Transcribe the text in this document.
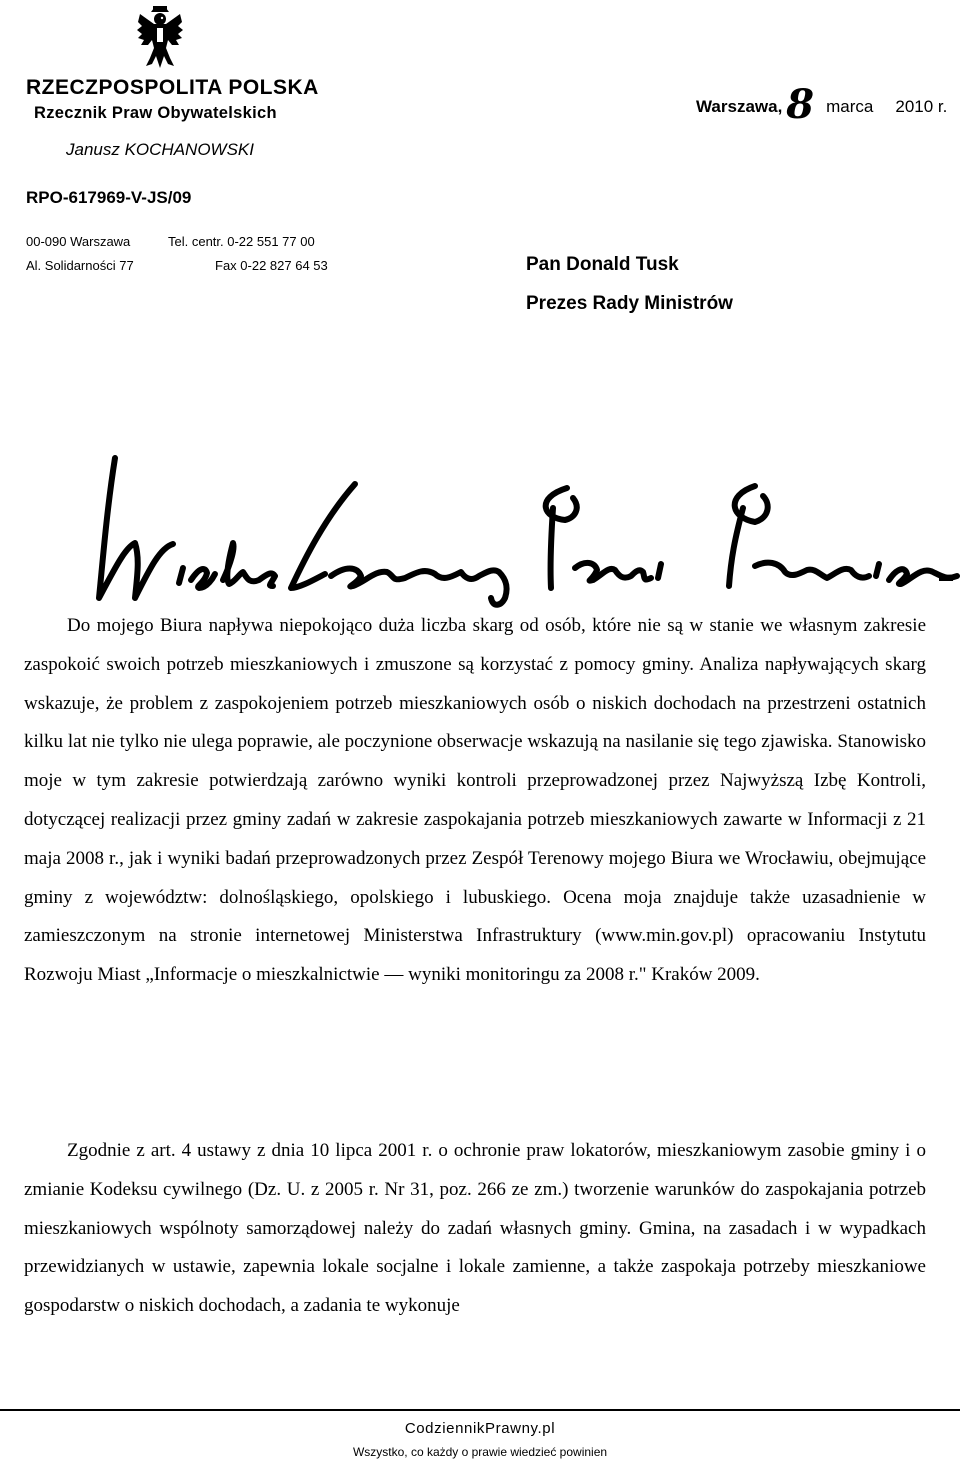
RZECZPOSPOLITA POLSKA
Rzecznik Praw Obywatelskich
Janusz KOCHANOWSKI
RPO-617969-V-JS/09
00-090 Warszawa	Tel. centr. 0-22 551 77 00
Al. Solidarności 77	Fax 0-22 827 64 53
Warszawa, 8 marca 2010 r.
Pan Donald Tusk
Prezes Rady Ministrów
Do mojego Biura napływa niepokojąco duża liczba skarg od osób, które nie są w stanie we własnym zakresie zaspokoić swoich potrzeb mieszkaniowych i zmuszone są korzystać z pomocy gminy. Analiza napływających skarg wskazuje, że problem z zaspokojeniem potrzeb mieszkaniowych osób o niskich dochodach na przestrzeni ostatnich kilku lat nie tylko nie ulega poprawie, ale poczynione obserwacje wskazują na nasilanie się tego zjawiska. Stanowisko moje w tym zakresie potwierdzają zarówno wyniki kontroli przeprowadzonej przez Najwyższą Izbę Kontroli, dotyczącej realizacji przez gminy zadań w zakresie zaspokajania potrzeb mieszkaniowych zawarte w Informacji z 21 maja 2008 r., jak i wyniki badań przeprowadzonych przez Zespół Terenowy mojego Biura we Wrocławiu, obejmujące gminy z województw: dolnośląskiego, opolskiego i lubuskiego. Ocena moja znajduje także uzasadnienie w zamieszczonym na stronie internetowej Ministerstwa Infrastruktury (www.min.gov.pl) opracowaniu Instytutu Rozwoju Miast „Informacje o mieszkalnictwie — wyniki monitoringu za 2008 r." Kraków 2009.
Zgodnie z art. 4 ustawy z dnia 10 lipca 2001 r. o ochronie praw lokatorów, mieszkaniowym zasobie gminy i o zmianie Kodeksu cywilnego (Dz. U. z 2005 r. Nr 31, poz. 266 ze zm.) tworzenie warunków do zaspokajania potrzeb mieszkaniowych wspólnoty samorządowej należy do zadań własnych gminy. Gmina, na zasadach i w wypadkach przewidzianych w ustawie, zapewnia lokale socjalne i lokale zamienne, a także zaspokaja potrzeby mieszkaniowe gospodarstw o niskich dochodach, a zadania te wykonuje
CodziennikPrawny.pl
Wszystko, co każdy o prawie wiedzieć powinien
